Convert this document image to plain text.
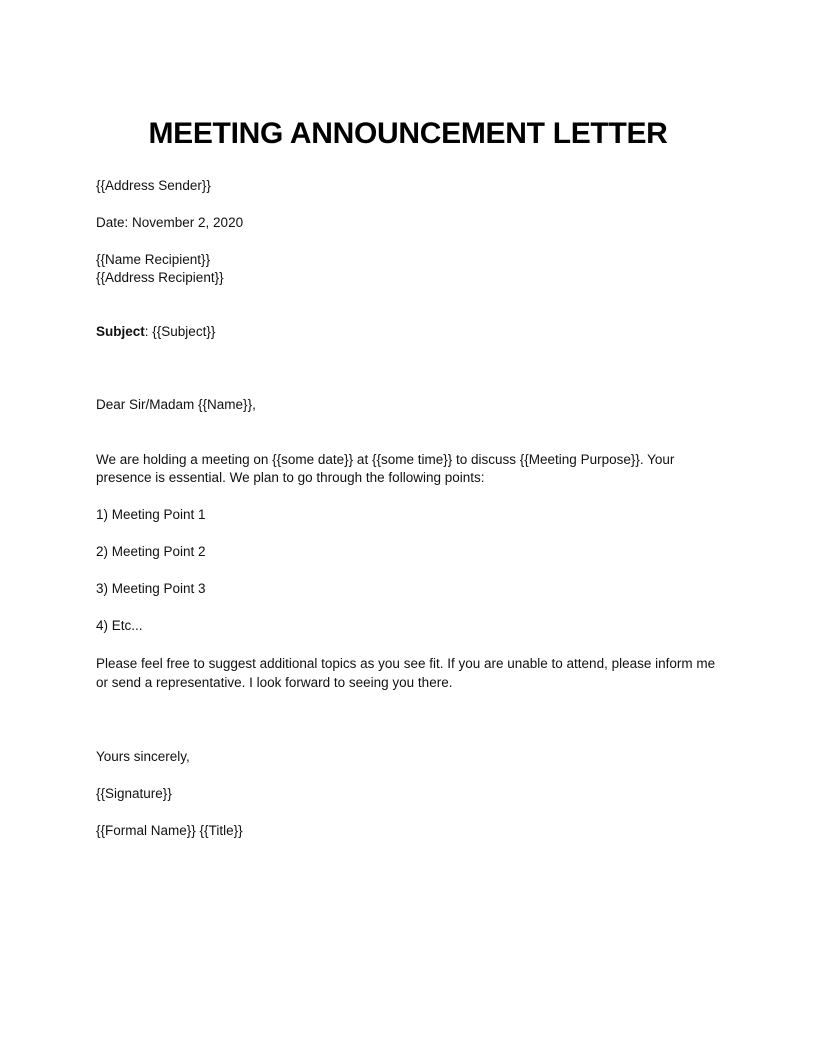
MEETING ANNOUNCEMENT LETTER
{{Address Sender}}
Date: November 2, 2020
{{Name Recipient}}
{{Address Recipient}}
Subject: {{Subject}}
Dear Sir/Madam {{Name}},
We are holding a meeting on {{some date}} at {{some time}} to discuss {{Meeting Purpose}}. Your
presence is essential. We plan to go through the following points:
1) Meeting Point 1
2) Meeting Point 2
3) Meeting Point 3
4) Etc...
Please feel free to suggest additional topics as you see fit. If you are unable to attend, please inform me
or send a representative. I look forward to seeing you there.
Yours sincerely,
{{Signature}}
{{Formal Name}} {{Title}}
